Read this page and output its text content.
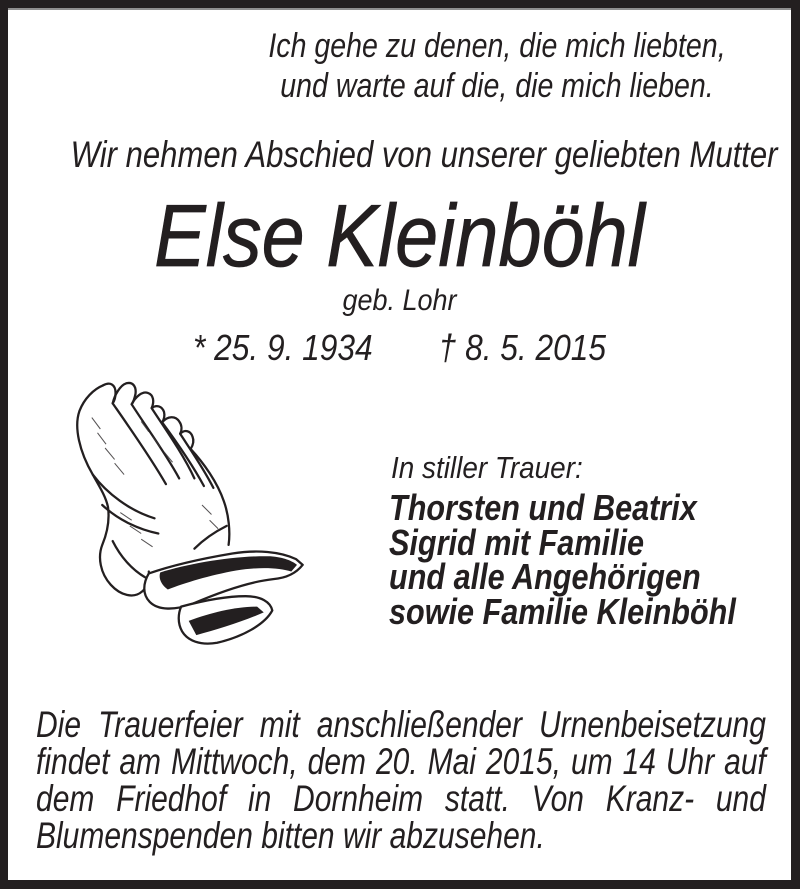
Ich gehe zu denen, die mich liebten,
und warte auf die, die mich lieben.
Wir nehmen Abschied von unserer geliebten Mutter
Else Kleinböhl
geb. Lohr
* 25. 9. 1934 † 8. 5. 2015
In stiller Trauer:
Thorsten und Beatrix
Sigrid mit Familie
und alle Angehörigen
sowie Familie Kleinböhl
Die Trauerfeier mit anschließender Urnenbeisetzung
findet am Mittwoch, dem 20. Mai 2015, um 14 Uhr auf
dem Friedhof in Dornheim statt. Von Kranz- und
Blumenspenden bitten wir abzusehen.
